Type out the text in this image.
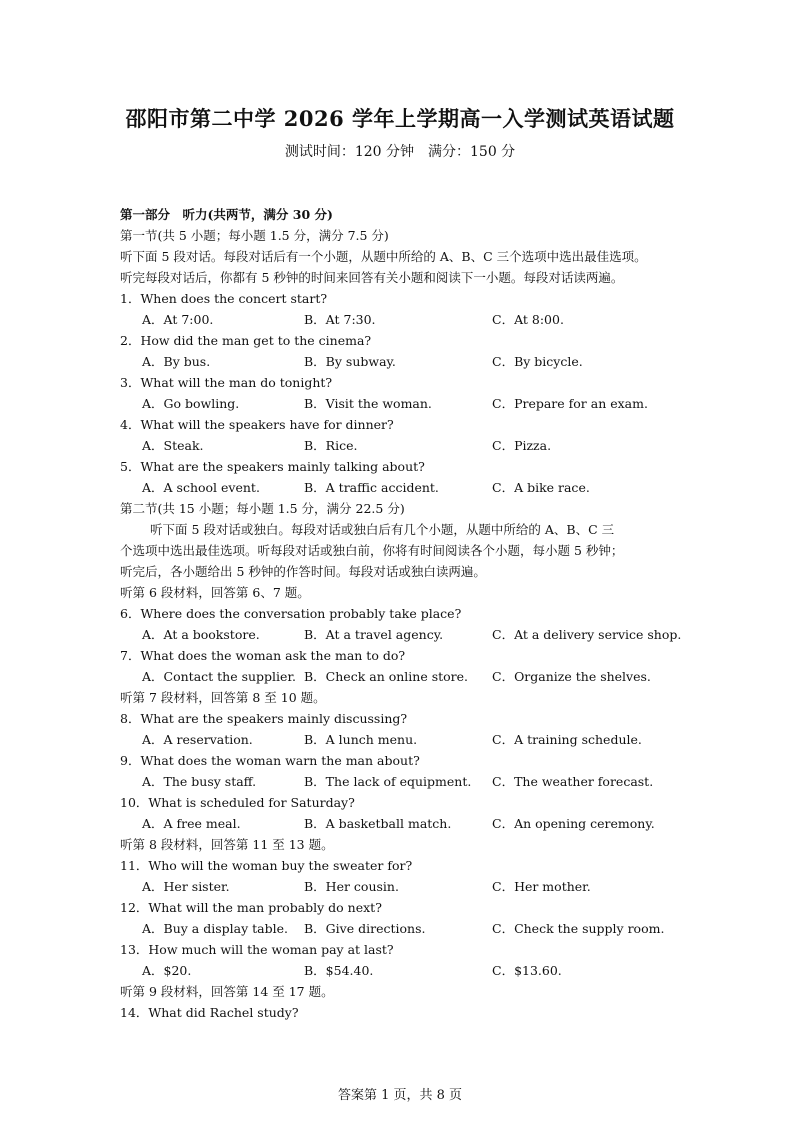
邵阳市第二中学 2026 学年上学期高一入学测试英语试题
测试时间：120 分钟　满分：150 分
第一部分　听力(共两节，满分 30 分)
第一节(共 5 小题；每小题 1.5 分，满分 7.5 分)
听下面 5 段对话。每段对话后有一个小题，从题中所给的 A、B、C 三个选项中选出最佳选项。
听完每段对话后，你都有 5 秒钟的时间来回答有关小题和阅读下一小题。每段对话读两遍。
1．When does the concert start?
A．At 7:00.	B．At 7:30.	C．At 8:00.
2．How did the man get to the cinema?
A．By bus.	B．By subway.	C．By bicycle.
3．What will the man do tonight?
A．Go bowling.	B．Visit the woman.	C．Prepare for an exam.
4．What will the speakers have for dinner?
A．Steak.	B．Rice.	C．Pizza.
5．What are the speakers mainly talking about?
A．A school event.	B．A traffic accident.	C．A bike race.
第二节(共 15 小题；每小题 1.5 分，满分 22.5 分)
听下面 5 段对话或独白。每段对话或独白后有几个小题，从题中所给的 A、B、C 三
个选项中选出最佳选项。听每段对话或独白前，你将有时间阅读各个小题，每小题 5 秒钟；
听完后，各小题给出 5 秒钟的作答时间。每段对话或独白读两遍。
听第 6 段材料，回答第 6、7 题。
6．Where does the conversation probably take place?
A．At a bookstore.	B．At a travel agency.	C．At a delivery service shop.
7．What does the woman ask the man to do?
A．Contact the supplier. B．Check an online store. C．Organize the shelves.
听第 7 段材料，回答第 8 至 10 题。
8．What are the speakers mainly discussing?
A．A reservation.	B．A lunch menu.	C．A training schedule.
9．What does the woman warn the man about?
A．The busy staff.	B．The lack of equipment. C．The weather forecast.
10．What is scheduled for Saturday?
A．A free meal.	B．A basketball match.	C．An opening ceremony.
听第 8 段材料，回答第 11 至 13 题。
11．Who will the woman buy the sweater for?
A．Her sister.	B．Her cousin.	C．Her mother.
12．What will the man probably do next?
A．Buy a display table. B．Give directions.	C．Check the supply room.
13．How much will the woman pay at last?
A．$20.	B．$54.40.	C．$13.60.
听第 9 段材料，回答第 14 至 17 题。
14．What did Rachel study?
答案第 1 页，共 8 页
